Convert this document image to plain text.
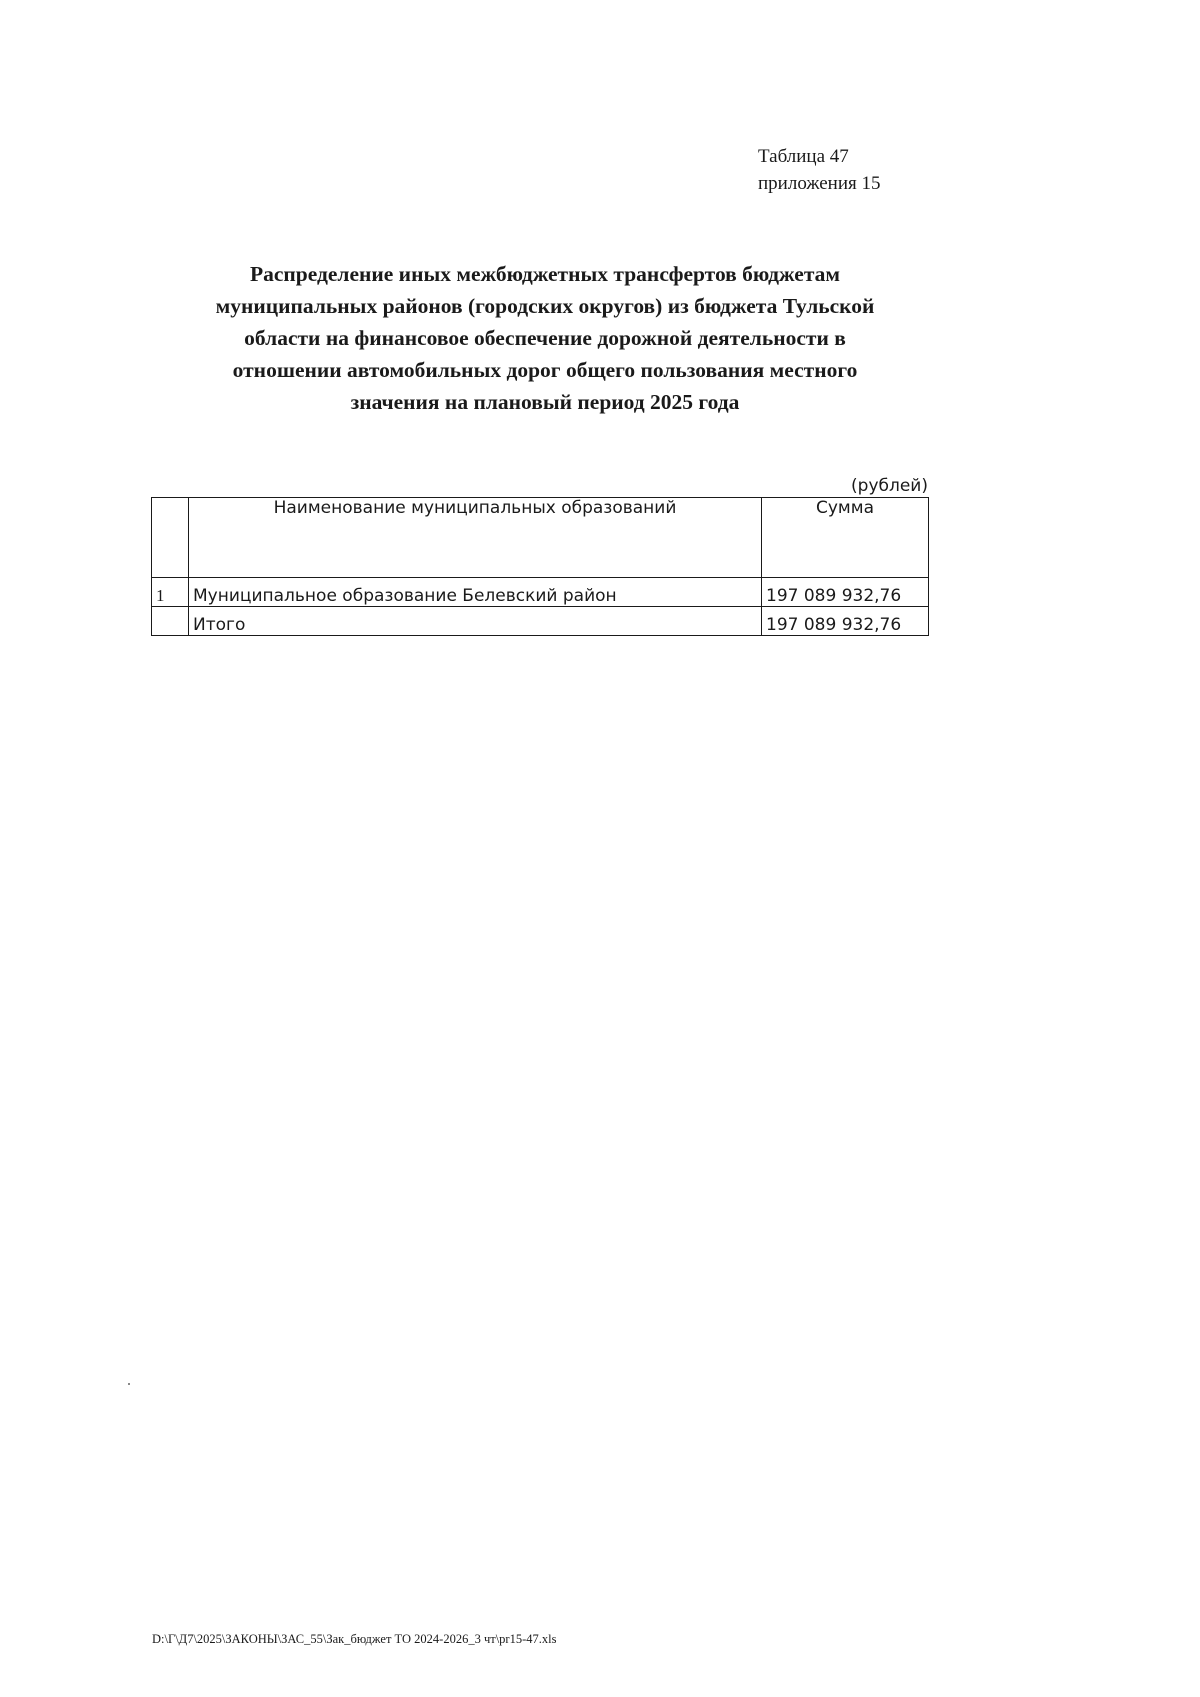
Таблица 47
приложения 15
Распределение иных межбюджетных трансфертов бюджетам
муниципальных районов (городских округов) из бюджета Тульской
области на финансовое обеспечение дорожной деятельности в
отношении автомобильных дорог общего пользования местного
значения на плановый период 2025 года
(рублей)
	Наименование муниципальных образований	Сумма
1	Муниципальное образование Белевский район	197 089 932,76
	Итого	197 089 932,76
D:\Г\Д7\2025\ЗАКОНЫ\ЗАС_55\Зак_бюджет ТО 2024-2026_3 чт\pr15-47.xls
